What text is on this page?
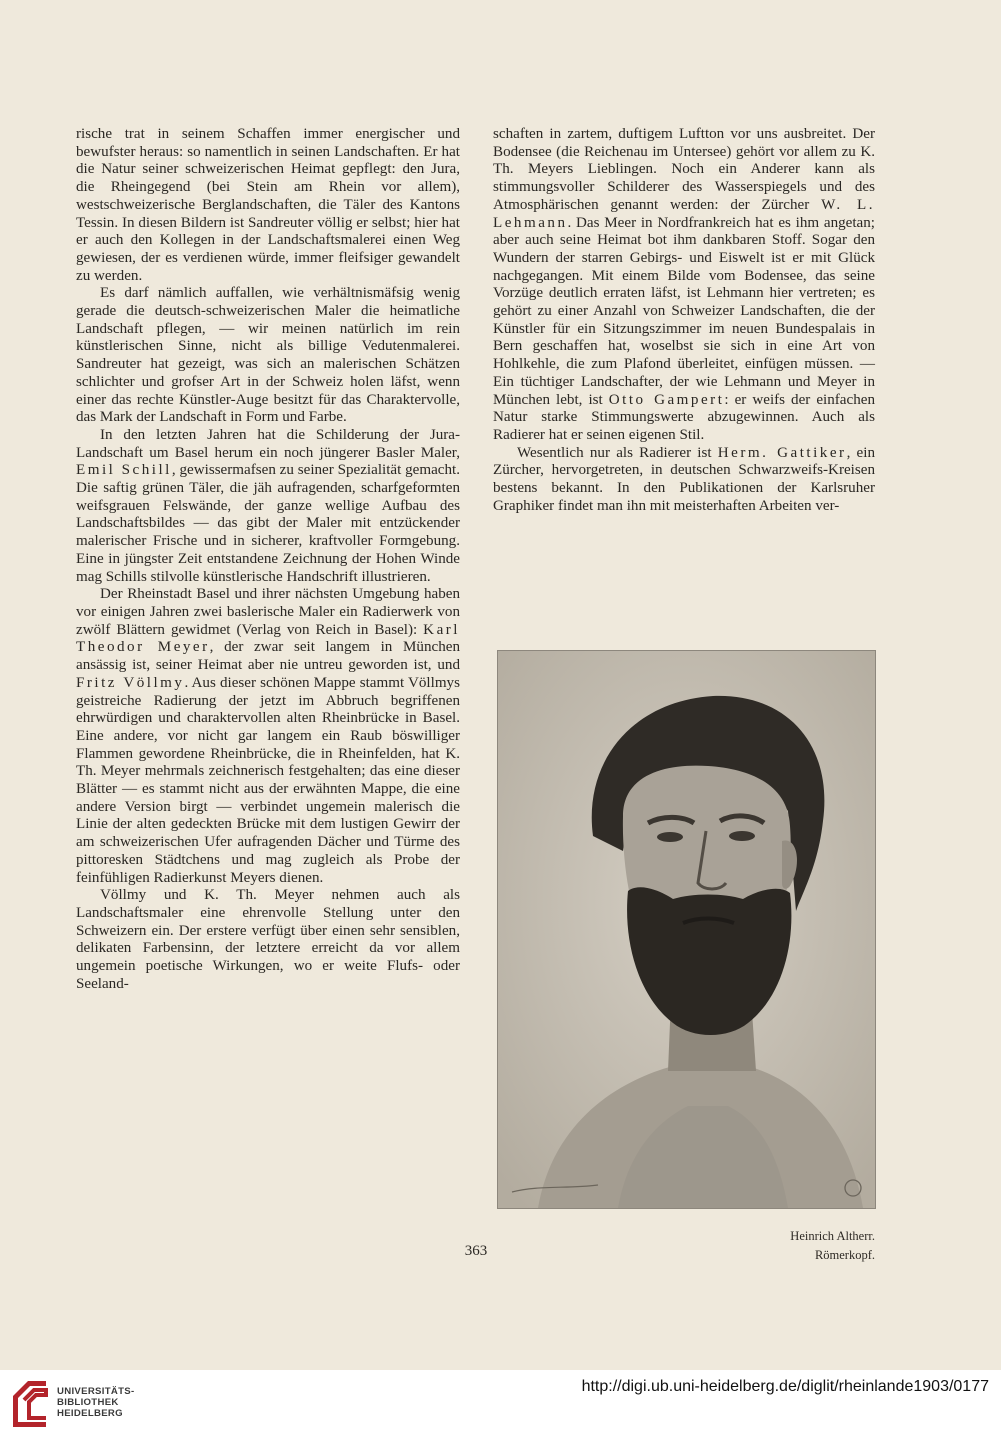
rische trat in seinem Schaffen immer energischer und bewufster heraus: so namentlich in seinen Landschaften. Er hat die Natur seiner schweizerischen Heimat gepflegt: den Jura, die Rheingegend (bei Stein am Rhein vor allem), westschweizerische Berglandschaften, die Täler des Kantons Tessin. In diesen Bildern ist Sandreuter völlig er selbst; hier hat er auch den Kollegen in der Landschaftsmalerei einen Weg gewiesen, der es verdienen würde, immer fleifsiger gewandelt zu werden.

Es darf nämlich auffallen, wie verhältnismäfsig wenig gerade die deutsch-schweizerischen Maler die heimatliche Landschaft pflegen, — wir meinen natürlich im rein künstlerischen Sinne, nicht als billige Vedutenmalerei. Sandreuter hat gezeigt, was sich an malerischen Schätzen schlichter und grofser Art in der Schweiz holen läfst, wenn einer das rechte Künstler-Auge besitzt für das Charaktervolle, das Mark der Landschaft in Form und Farbe.

In den letzten Jahren hat die Schilderung der Jura-Landschaft um Basel herum ein noch jüngerer Basler Maler, Emil Schill, gewissermafsen zu seiner Spezialität gemacht. Die saftig grünen Täler, die jäh aufragenden, scharfgeformten weifsgrauen Felswände, der ganze wellige Aufbau des Landschaftsbildes — das gibt der Maler mit entzückender malerischer Frische und in sicherer, kraftvoller Formgebung. Eine in jüngster Zeit entstandene Zeichnung der Hohen Winde mag Schills stilvolle künstlerische Handschrift illustrieren.

Der Rheinstadt Basel und ihrer nächsten Umgebung haben vor einigen Jahren zwei baslerische Maler ein Radierwerk von zwölf Blättern gewidmet (Verlag von Reich in Basel): Karl Theodor Meyer, der zwar seit langem in München ansässig ist, seiner Heimat aber nie untreu geworden ist, und Fritz Völlmy. Aus dieser schönen Mappe stammt Völlmys geistreiche Radierung der jetzt im Abbruch begriffenen ehrwürdigen und charaktervollen alten Rheinbrücke in Basel. Eine andere, vor nicht gar langem ein Raub böswilliger Flammen gewordene Rheinbrücke, die in Rheinfelden, hat K. Th. Meyer mehrmals zeichnerisch festgehalten; das eine dieser Blätter — es stammt nicht aus der erwähnten Mappe, die eine andere Version birgt — verbindet ungemein malerisch die Linie der alten gedeckten Brücke mit dem lustigen Gewirr der am schweizerischen Ufer aufragenden Dächer und Türme des pittoresken Städtchens und mag zugleich als Probe der feinfühligen Radierkunst Meyers dienen.

Völlmy und K. Th. Meyer nehmen auch als Landschaftsmaler eine ehrenvolle Stellung unter den Schweizern ein. Der erstere verfügt über einen sehr sensiblen, delikaten Farbensinn, der letztere erreicht da vor allem ungemein poetische Wirkungen, wo er weite Flufs- oder Seeland-

schaften in zartem, duftigem Luftton vor uns ausbreitet. Der Bodensee (die Reichenau im Untersee) gehört vor allem zu K. Th. Meyers Lieblingen. Noch ein Anderer kann als stimmungsvoller Schilderer des Wasserspiegels und des Atmosphärischen genannt werden: der Zürcher W. L. Lehmann. Das Meer in Nordfrankreich hat es ihm angetan; aber auch seine Heimat bot ihm dankbaren Stoff. Sogar den Wundern der starren Gebirgs- und Eiswelt ist er mit Glück nachgegangen. Mit einem Bilde vom Bodensee, das seine Vorzüge deutlich erraten läfst, ist Lehmann hier vertreten; es gehört zu einer Anzahl von Schweizer Landschaften, die der Künstler für ein Sitzungszimmer im neuen Bundespalais in Bern geschaffen hat, woselbst sie sich in eine Art von Hohlkehle, die zum Plafond überleitet, einfügen müssen. — Ein tüchtiger Landschafter, der wie Lehmann und Meyer in München lebt, ist Otto Gampert: er weifs der einfachen Natur starke Stimmungswerte abzugewinnen. Auch als Radierer hat er seinen eigenen Stil.

Wesentlich nur als Radierer ist Herm. Gattiker, ein Zürcher, hervorgetreten, in deutschen Schwarzweifs-Kreisen bestens bekannt. In den Publikationen der Karlsruher Graphiker findet man ihn mit meisterhaften Arbeiten ver-

Heinrich Altherr.
Römerkopf.
363
UNIVERSITÄTS-
BIBLIOTHEK
HEIDELBERG
http://digi.ub.uni-heidelberg.de/diglit/rheinlande1903/0177
